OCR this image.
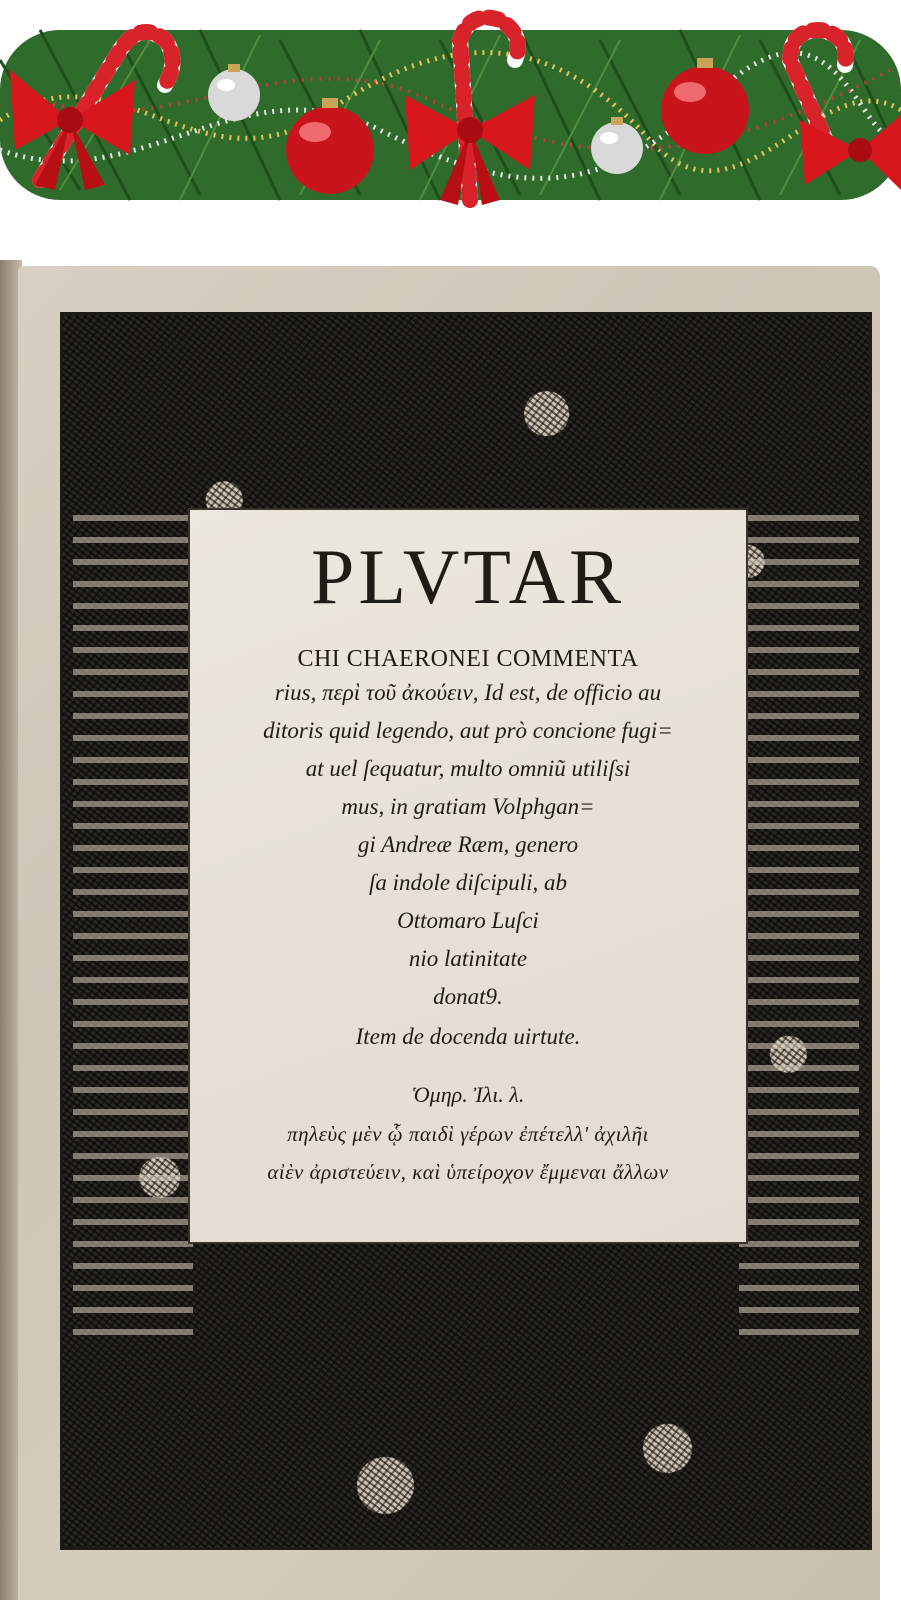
PLVTAR
CHI CHAERONEI COMMENTA
rius, περὶ τοῦ ἀκούειν, Id est, de officio au
ditoris quid legendo, aut prò concione fugi=
at uel ſequatur, multo omniũ utiliſsi
mus, in gratiam Volphgan=
gi Andreæ Ræm, genero
ſa indole diſcipuli, ab
Ottomaro Luſci
nio latinitate
donat9.
Item de docenda uirtute.
Ὁμηρ. Ἰλι. λ.
πηλεὺς μὲν ᾧ παιδὶ γέρων ἐπέτελλ' ἀχιλῆι
αἰὲν ἀριστεύειν, καὶ ὑπείροχον ἔμμεναι ἄλλων
